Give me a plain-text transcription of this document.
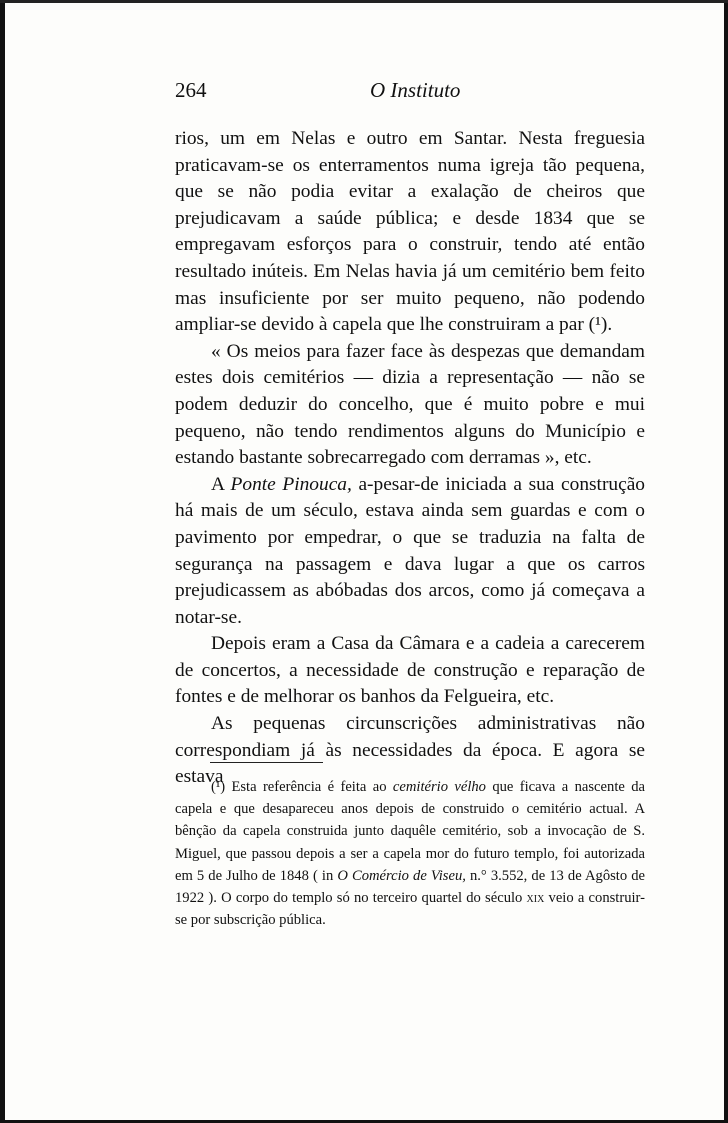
264	O Instituto

rios, um em Nelas e outro em Santar. Nesta freguesia praticavam-se os enterramentos numa igreja tão pequena, que se não podia evitar a exalação de cheiros que prejudicavam a saúde pública; e desde 1834 que se empregavam esforços para o construir, tendo até então resultado inúteis. Em Nelas havia já um cemitério bem feito mas insuficiente por ser muito pequeno, não podendo ampliar-se devido à capela que lhe construiram a par (¹).

« Os meios para fazer face às despezas que demandam estes dois cemitérios — dizia a representação — não se podem deduzir do concelho, que é muito pobre e mui pequeno, não tendo rendimentos alguns do Município e estando bastante sobrecarregado com derramas », etc.

A Ponte Pinouca, a-pesar-de iniciada a sua construção há mais de um século, estava ainda sem guardas e com o pavimento por empedrar, o que se traduzia na falta de segurança na passagem e dava lugar a que os carros prejudicassem as abóbadas dos arcos, como já começava a notar-se.

Depois eram a Casa da Câmara e a cadeia a carecerem de concertos, a necessidade de construção e reparação de fontes e de melhorar os banhos da Felgueira, etc.

As pequenas circunscrições administrativas não correspondiam já às necessidades da época. E agora se estava

(¹) Esta referência é feita ao cemitério vélho que ficava a nascente da capela e que desapareceu anos depois de construido o cemitério actual. A bênção da capela construida junto daquêle cemitério, sob a invocação de S. Miguel, que passou depois a ser a capela mor do futuro templo, foi autorizada em 5 de Julho de 1848 ( in O Comércio de Viseu, n.° 3.552, de 13 de Agôsto de 1922 ). O corpo do templo só no terceiro quartel do século xix veio a construir-se por subscrição pública.
